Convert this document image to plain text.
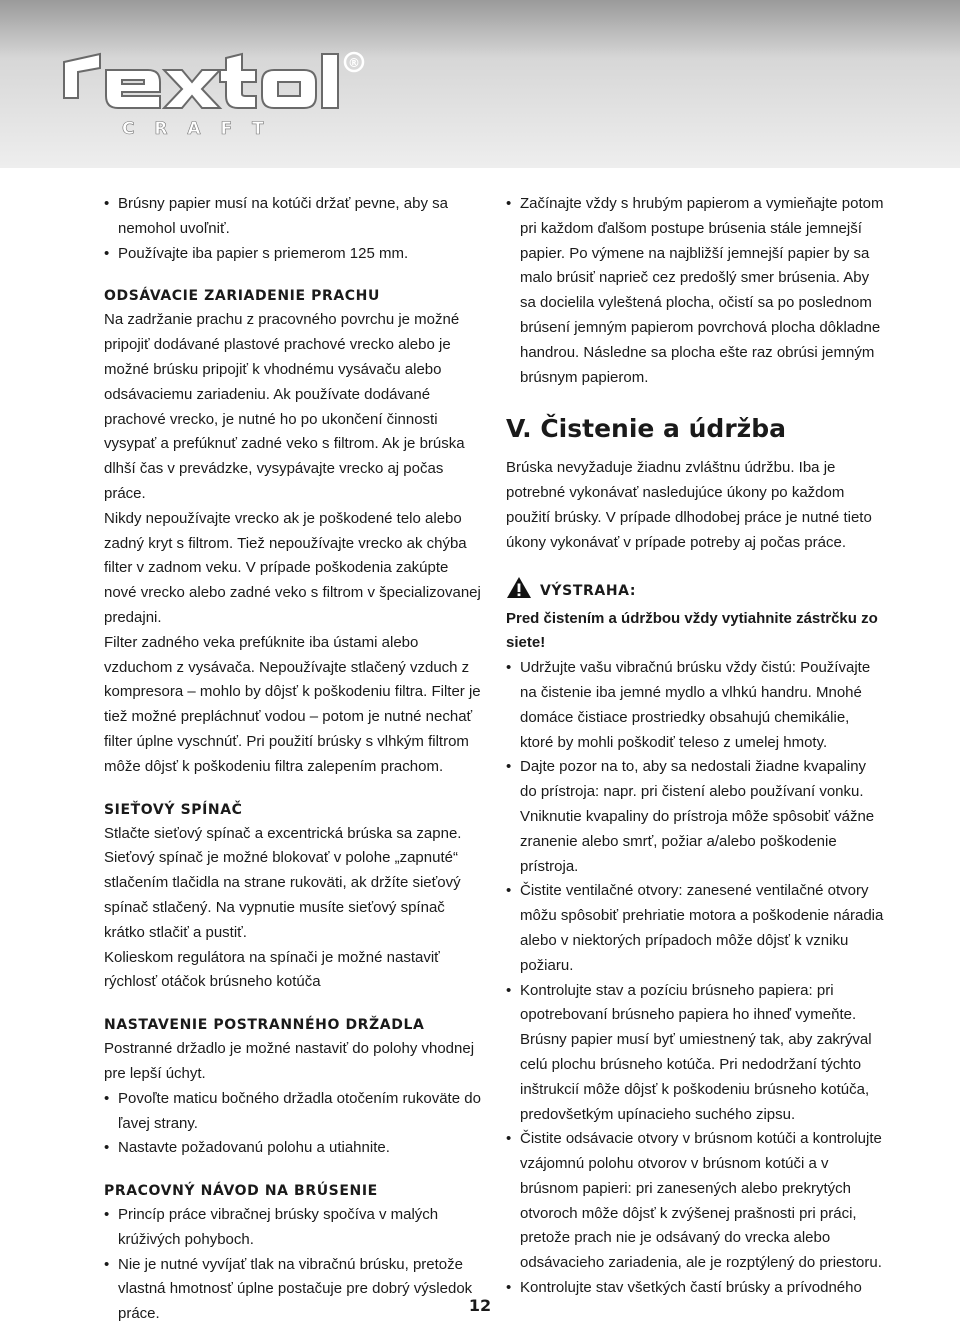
®
C R A F T
• Brúsny papier musí na kotúči držať pevne, aby sa nemohol uvoľniť.
• Používajte iba papier s priemerom 125 mm.
ODSÁVACIE ZARIADENIE PRACHU

Na zadržanie prachu z pracovného povrchu je možné pripojiť dodávané plastové prachové vrecko alebo je možné brúsku pripojiť k vhodnému vysávaču alebo odsávaciemu zariadeniu. Ak používate dodávané prachové vrecko, je nutné ho po ukončení činnosti vysypať a prefúknuť zadné veko s filtrom. Ak je brúska dlhší čas v prevádzke, vysypávajte vrecko aj počas práce.

Nikdy nepoužívajte vrecko ak je poškodené telo alebo zadný kryt s filtrom. Tiež nepoužívajte vrecko ak chýba filter v zadnom veku. V prípade poškodenia zakúpte nové vrecko alebo zadné veko s filtrom v špecializovanej predajni.

Filter zadného veka prefúknite iba ústami alebo vzduchom z vysávača. Nepoužívajte stlačený vzduch z kompresora – mohlo by dôjsť k poškodeniu filtra. Filter je tiež možné prepláchnuť vodou – potom je nutné nechať filter úplne vyschnúť. Pri použití brúsky s vlhkým filtrom môže dôjsť k poškodeniu filtra zalepením prachom.

SIEŤOVÝ SPÍNAČ

Stlačte sieťový spínač a excentrická brúska sa zapne.

Sieťový spínač je možné blokovať v polohe „zapnuté“ stlačením tlačidla na strane rukoväti, ak držíte sieťový spínač stlačený. Na vypnutie musíte sieťový spínač krátko stlačiť a pustiť.

Kolieskom regulátora na spínači je možné nastaviť rýchlosť otáčok brúsneho kotúča

NASTAVENIE POSTRANNÉHO DRŽADLA

Postranné držadlo je možné nastaviť do polohy vhodnej pre lepší úchyt.

• Povoľte maticu bočného držadla otočením rukoväte do ľavej strany.
• Nastavte požadovanú polohu a utiahnite.
PRACOVNÝ NÁVOD NA BRÚSENIE
• Princíp práce vibračnej brúsky spočíva v malých krúživých pohyboch.
• Nie je nutné vyvíjať tlak na vibračnú brúsku, pretože vlastná hmotnosť úplne postačuje pre dobrý výsledok práce.
• Začínajte vždy s hrubým papierom a vymieňajte potom pri každom ďalšom postupe brúsenia stále jemnejší papier. Po výmene na najbližší jemnejší papier by sa malo brúsiť naprieč cez predošlý smer brúsenia. Aby sa docielila vyleštená plocha, očistí sa po poslednom brúsení jemným papierom povrchová plocha dôkladne handrou. Následne sa plocha ešte raz obrúsi jemným brúsnym papierom.
V. Čistenie a údržba

Brúska nevyžaduje žiadnu zvláštnu údržbu. Iba je potrebné vykonávať nasledujúce úkony po každom použití brúsky. V prípade dlhodobej práce je nutné tieto úkony vykonávať v prípade potreby aj počas práce.

VÝSTRAHA:

Pred čistením a údržbou vždy vytiahnite zástrčku zo siete!

• Udržujte vašu vibračnú brúsku vždy čistú: Používajte na čistenie iba jemné mydlo a vlhkú handru. Mnohé domáce čistiace prostriedky obsahujú chemikálie, ktoré by mohli poškodiť teleso z umelej hmoty.
• Dajte pozor na to, aby sa nedostali žiadne kvapaliny do prístroja: napr. pri čistení alebo používaní vonku. Vniknutie kvapaliny do prístroja môže spôsobiť vážne zranenie alebo smrť, požiar a/alebo poškodenie prístroja.
• Čistite ventilačné otvory: zanesené ventilačné otvory môžu spôsobiť prehriatie motora a poškodenie náradia alebo v niektorých prípadoch môže dôjsť k vzniku požiaru.
• Kontrolujte stav a pozíciu brúsneho papiera: pri opotrebovaní brúsneho papiera ho ihneď vymeňte. Brúsny papier musí byť umiestnený tak, aby zakrýval celú plochu brúsneho kotúča. Pri nedodržaní týchto inštrukcií môže dôjsť k poškodeniu brúsneho kotúča, predovšetkým upínacieho suchého zipsu.
• Čistite odsávacie otvory v brúsnom kotúči a kontrolujte vzájomnú polohu otvorov v brúsnom kotúči a v brúsnom papieri: pri zanesených alebo prekrytých otvoroch môže dôjsť k zvýšenej prašnosti pri práci, pretože prach nie je odsávaný do vrecka alebo odsávacieho zariadenia, ale je rozptýlený do priestoru.
• Kontrolujte stav všetkých častí brúsky a prívodného
12
